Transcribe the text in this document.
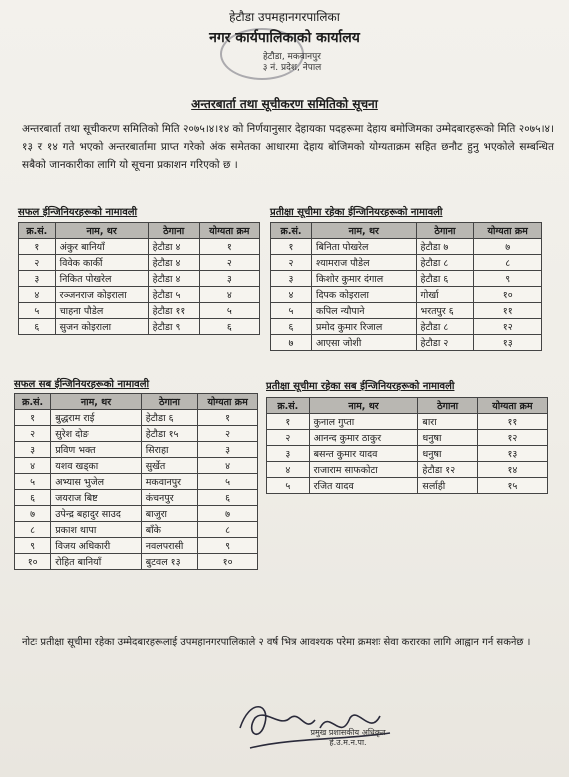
हेटौडा उपमहानगरपालिका
नगर कार्यपालिकाको कार्यालय
हेटौडा, मकवानपुर
३ नं. प्रदेश, नेपाल
अन्तरबार्ता तथा सूचीकरण समितिको सूचना
अन्तरबार्ता तथा सूचीकरण समितिको मिति २०७५।४।१४ को निर्णयानुसार देहायका पदहरूमा देहाय बमोजिमका उम्मेदबारहरूको मिति २०७५।४।१३ र १४ गते भएको अन्तरबार्तामा प्राप्त गरेको अंक समेतका आधारमा देहाय बोजिमको योग्यताक्रम सहित छनौट हुनु भएकोले सम्बन्धित सबैको जानकारीका लागि यो सूचना प्रकाशन गरिएको छ ।
सफल ईन्जिनियरहरूको नामावली
क्र.सं.	नाम, थर	ठेगाना	योग्यता क्रम
१	अंकुर बानियाँ	हेटौडा ४	१
२	विवेक कार्की	हेटौडा ४	२
३	निकित पोखरेल	हेटौडा ४	३
४	रञ्जनराज कोइराला	हेटौडा ५	४
५	चाहना पौडेल	हेटौडा ११	५
६	सुजन कोइराला	हेटौडा ९	६
प्रतीक्षा सूचीमा रहेका ईन्जिनियरहरूको नामावली
क्र.सं.	नाम, थर	ठेगाना	योग्यता क्रम
१	बिनिता पोखरेल	हेटौडा ७	७
२	श्यामराज पौडेल	हेटौडा ८	८
३	किशोर कुमार दंगाल	हेटौडा ६	९
४	दिपक कोइराला	गोर्खा	१०
५	कपिल न्यौपाने	भरतपुर ६	११
६	प्रमोद कुमार रिजाल	हेटौडा ८	१२
७	आएसा जोशी	हेटौडा २	१३
सफल सब ईन्जिनियरहरूको नामावली
क्र.सं.	नाम, थर	ठेगाना	योग्यता क्रम
१	बुद्धराम राई	हेटौडा ६	१
२	सुरेश दोङ	हेटौडा १५	२
३	प्रविण भक्त	सिराहा	३
४	यशव खड्का	सुर्खेत	४
५	अभ्यास भुजेल	मकवानपुर	५
६	जयराज बिष्ट	कंचनपुर	६
७	उपेन्द्र बहादुर साउद	बाजुरा	७
८	प्रकाश थापा	बाँके	८
९	विजय अधिकारी	नवलपरासी	९
१०	रोहित बानियाँ	बुटवल १३	१०
प्रतीक्षा सूचीमा रहेका सब ईन्जिनियरहरूको नामावली
क्र.सं.	नाम, थर	ठेगाना	योग्यता क्रम
१	कुनाल गुप्ता	बारा	११
२	आनन्द कुमार ठाकुर	धनुषा	१२
३	बसन्त कुमार यादव	धनुषा	१३
४	राजाराम साफकोटा	हेटौडा १२	१४
५	रजित यादव	सर्लाही	१५
नोटः प्रतीक्षा सूचीमा रहेका उम्मेदबारहरूलाई उपमहानगरपालिकाले २ वर्ष भित्र आवश्यक परेमा क्रमशः सेवा करारका लागि आह्वान गर्न सकनेछ ।
प्रमुख प्रशासकीय अधिकृत
हे.उ.म.न.पा.
